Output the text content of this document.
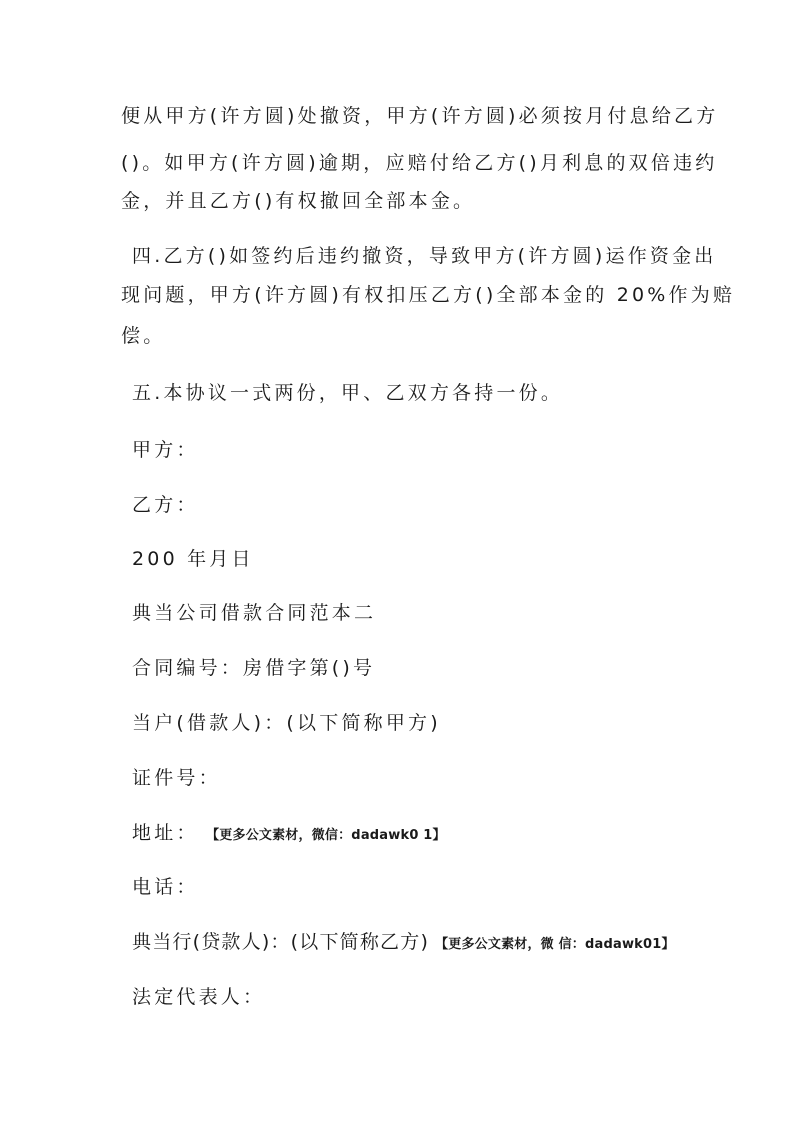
便从甲方(许方圆)处撤资，甲方(许方圆)必须按月付息给乙方
()。如甲方(许方圆)逾期，应赔付给乙方()月利息的双倍违约
金，并且乙方()有权撤回全部本金。
四.乙方()如签约后违约撤资，导致甲方(许方圆)运作资金出
现问题，甲方(许方圆)有权扣压乙方()全部本金的 20%作为赔
偿。
五.本协议一式两份，甲、乙双方各持一份。
甲方：
乙方：
200 年月日
典当公司借款合同范本二
合同编号：房借字第()号
当户(借款人)：(以下简称甲方)
证件号：
地址： 【更多公文素材，微信：dadawk0 1】
电话：
典当行(贷款人)：(以下简称乙方) 【更多公文素材，微 信：dadawk01】
法定代表人：
